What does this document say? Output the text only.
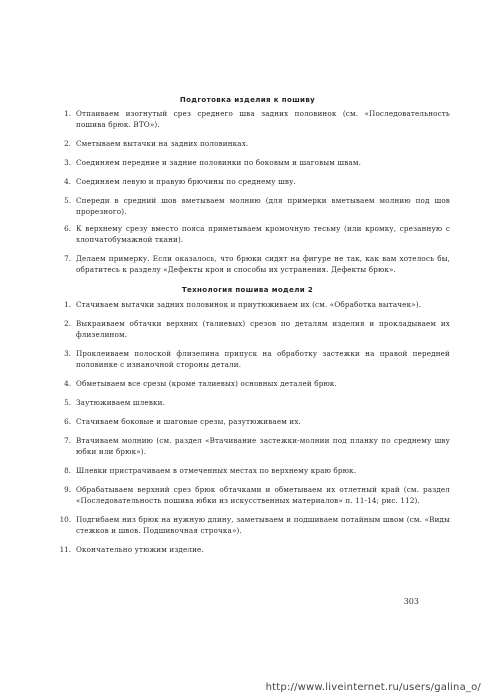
Подготовка изделия к пошиву
1. Отпаиваем изогнутый срез среднего шва задних половинок (см. «Последовательность пошива брюк. ВТО»).
2. Сметываем вытачки на задних половинках.
3. Соединяем передние и задние половинки по боковым и шаговым швам.
4. Соединяем левую и правую брючины по среднему шву.
5. Спереди в средний шов вметываем молнию (для примерки вметываем молнию под шов прорезного).
6. К верхнему срезу вместо пояса приметываем кромочную тесьму (или кромку, срезанную с хлопчатобумажной ткани).
7. Делаем примерку. Если оказалось, что брюки сидят на фигуре не так, как вам хотелось бы, обратитесь к разделу «Дефекты кроя и способы их устранения. Дефекты брюк».
Технология пошива модели 2
1. Стачиваем вытачки задних половинок и приутюживаем их (см. «Обработка вытачек»).
2. Выкраиваем обтачки верхних (талиевых) срезов по деталям изделия и прокладываем их флизелином.
3. Проклеиваем полоской флизелина припуск на обработку застежки на правой передней половинке с изнаночной стороны детали.
4. Обметываем все срезы (кроме талиевых) основных деталей брюк.
5. Заутюживаем шлевки.
6. Стачиваем боковые и шаговые срезы, разутюживаем их.
7. Втачиваем молнию (см. раздел «Втачивание застежки-молнии под планку по среднему шву юбки или брюк»).
8. Шлевки пристрачиваем в отмеченных местах по верхнему краю брюк.
9. Обрабатываем верхний срез брюк обтачками и обметываем их отлетный край (см. раздел «Последовательность пошива юбки из искусственных материалов» п. 11-14; рис. 112).
10. Подгибаем низ брюк на нужную длину, заметываем и подшиваем потайным швом (см. «Виды стежков и швов. Подшивочная строчка»).
11. Окончательно утюжим изделие.
303
http://www.liveinternet.ru/users/galina_o/
